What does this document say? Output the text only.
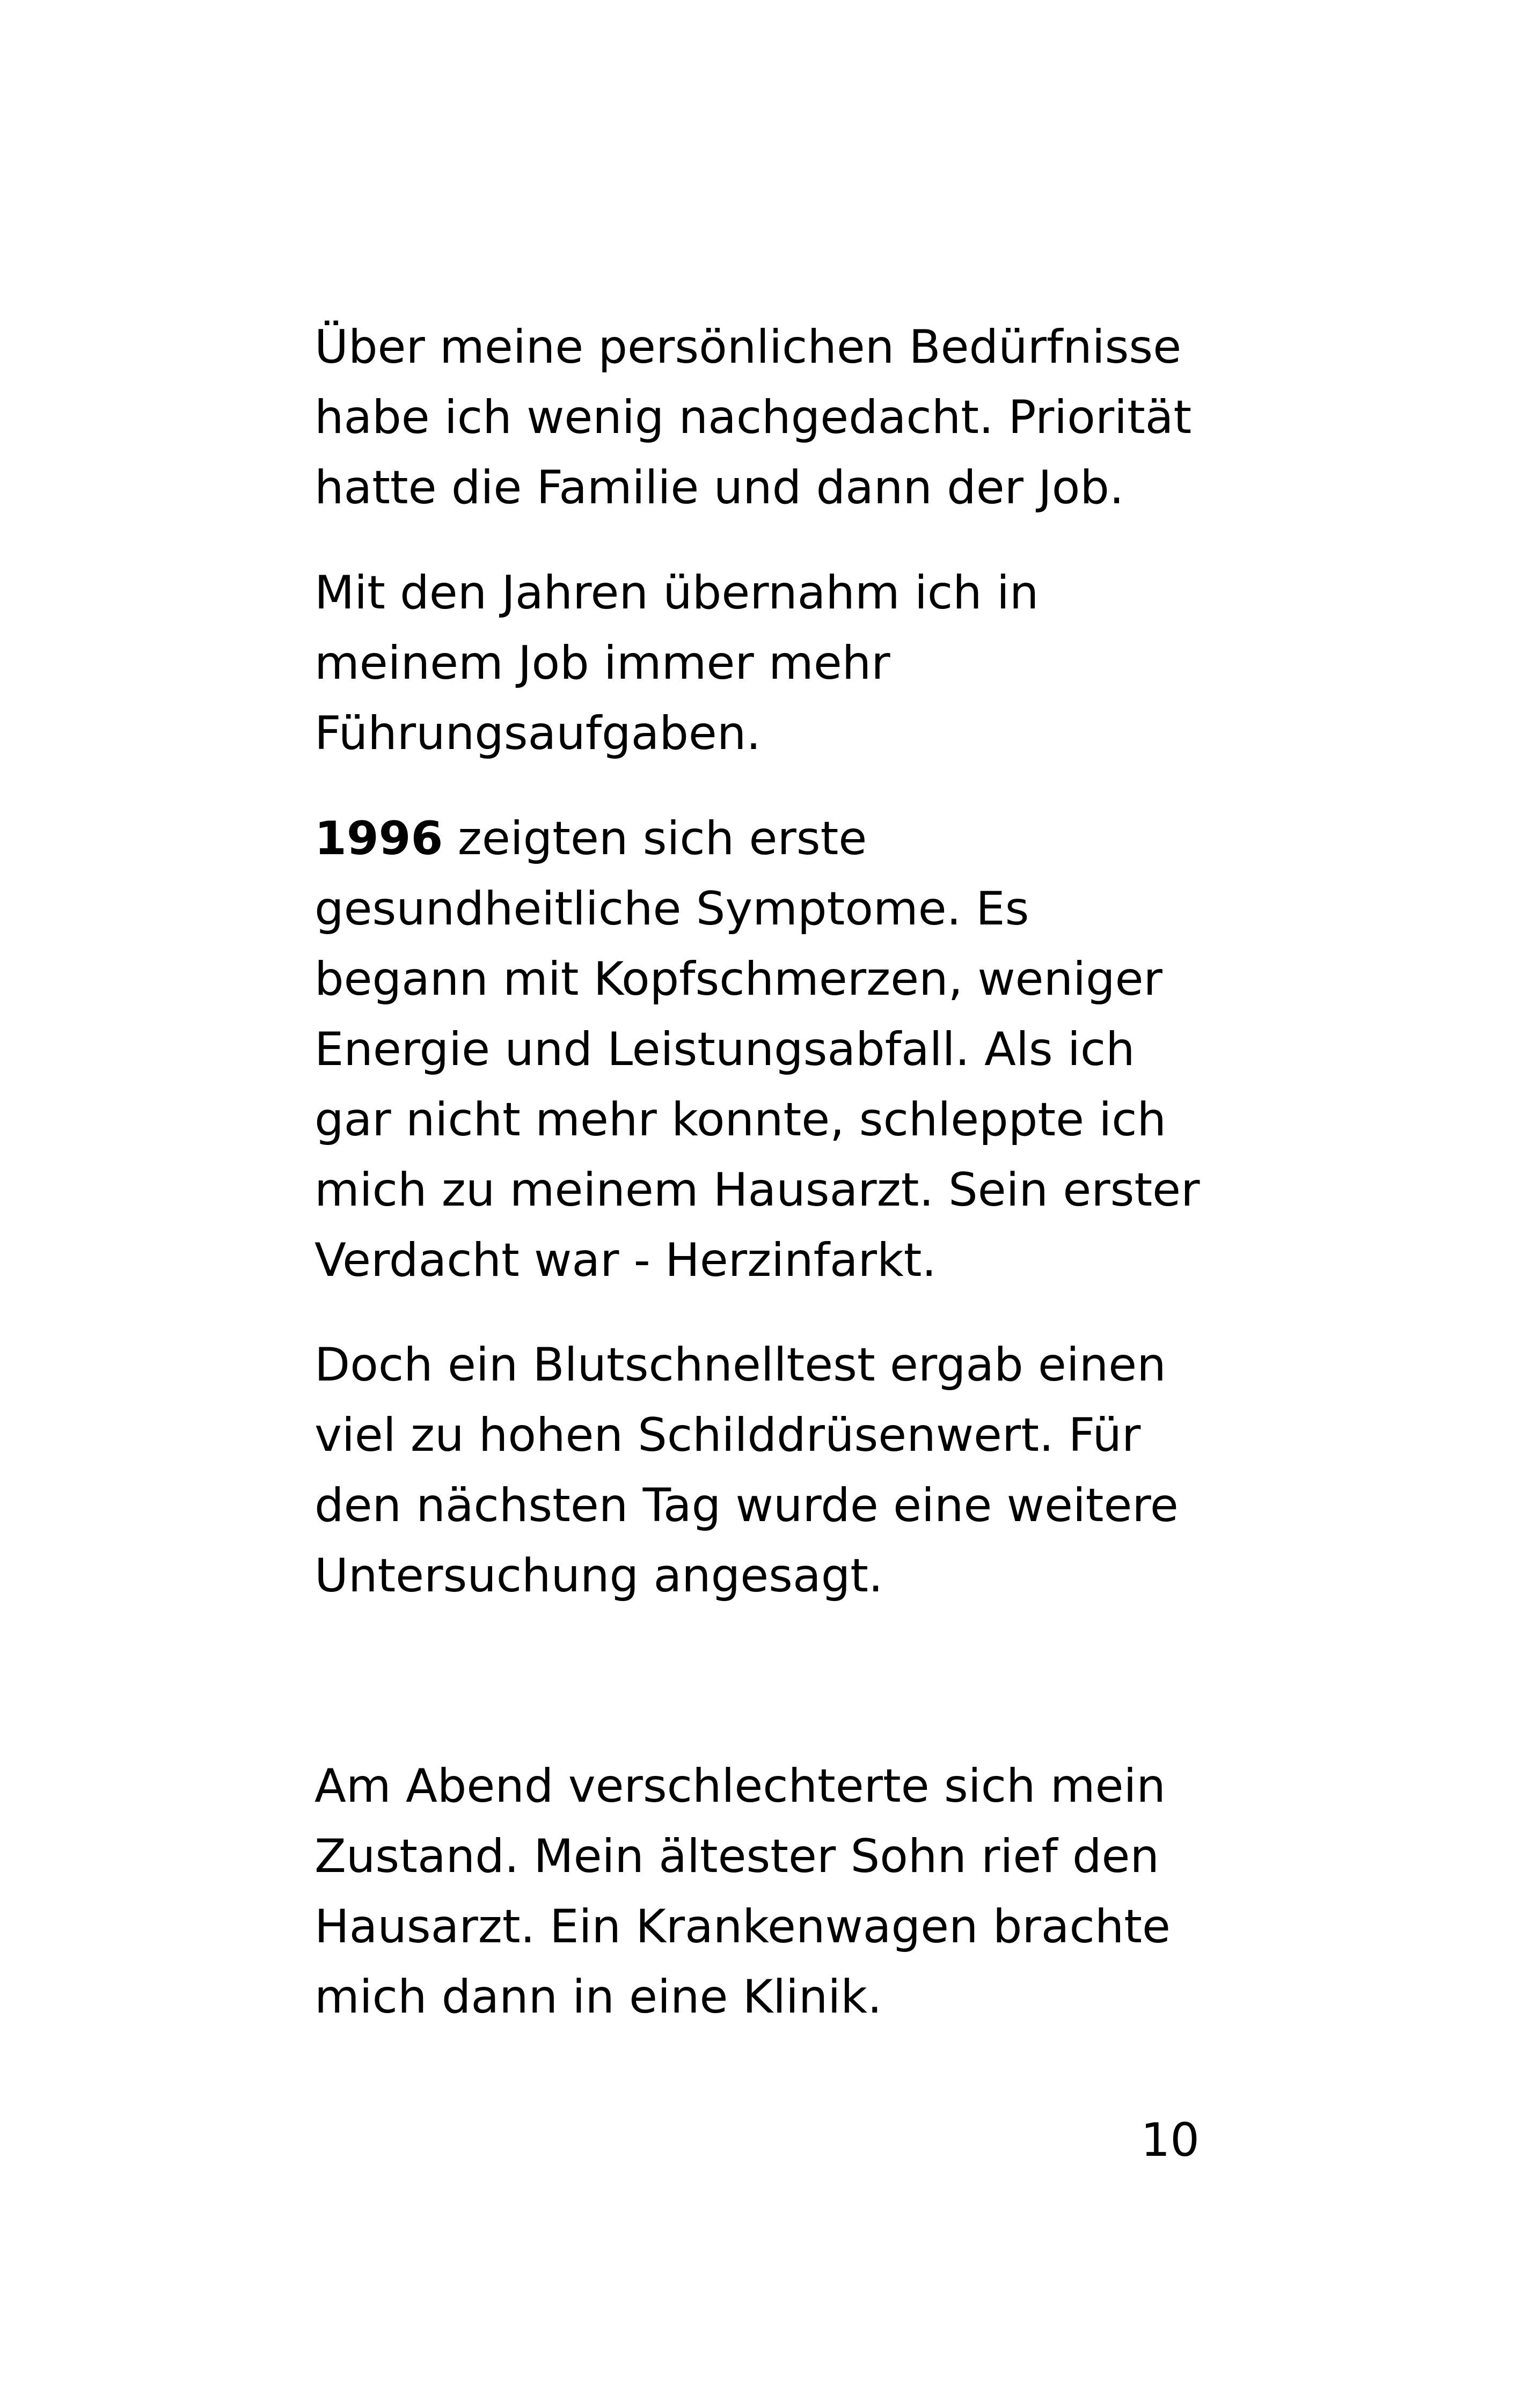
Über meine persönlichen Bedürfnisse
habe ich wenig nachgedacht. Priorität
hatte die Familie und dann der Job.
Mit den Jahren übernahm ich in
meinem Job immer mehr
Führungsaufgaben.
1996 zeigten sich erste
gesundheitliche Symptome. Es
begann mit Kopfschmerzen, weniger
Energie und Leistungsabfall. Als ich
gar nicht mehr konnte, schleppte ich
mich zu meinem Hausarzt. Sein erster
Verdacht war - Herzinfarkt.
Doch ein Blutschnelltest ergab einen
viel zu hohen Schilddrüsenwert. Für
den nächsten Tag wurde eine weitere
Untersuchung angesagt.
Am Abend verschlechterte sich mein
Zustand. Mein ältester Sohn rief den
Hausarzt. Ein Krankenwagen brachte
mich dann in eine Klinik.
10
